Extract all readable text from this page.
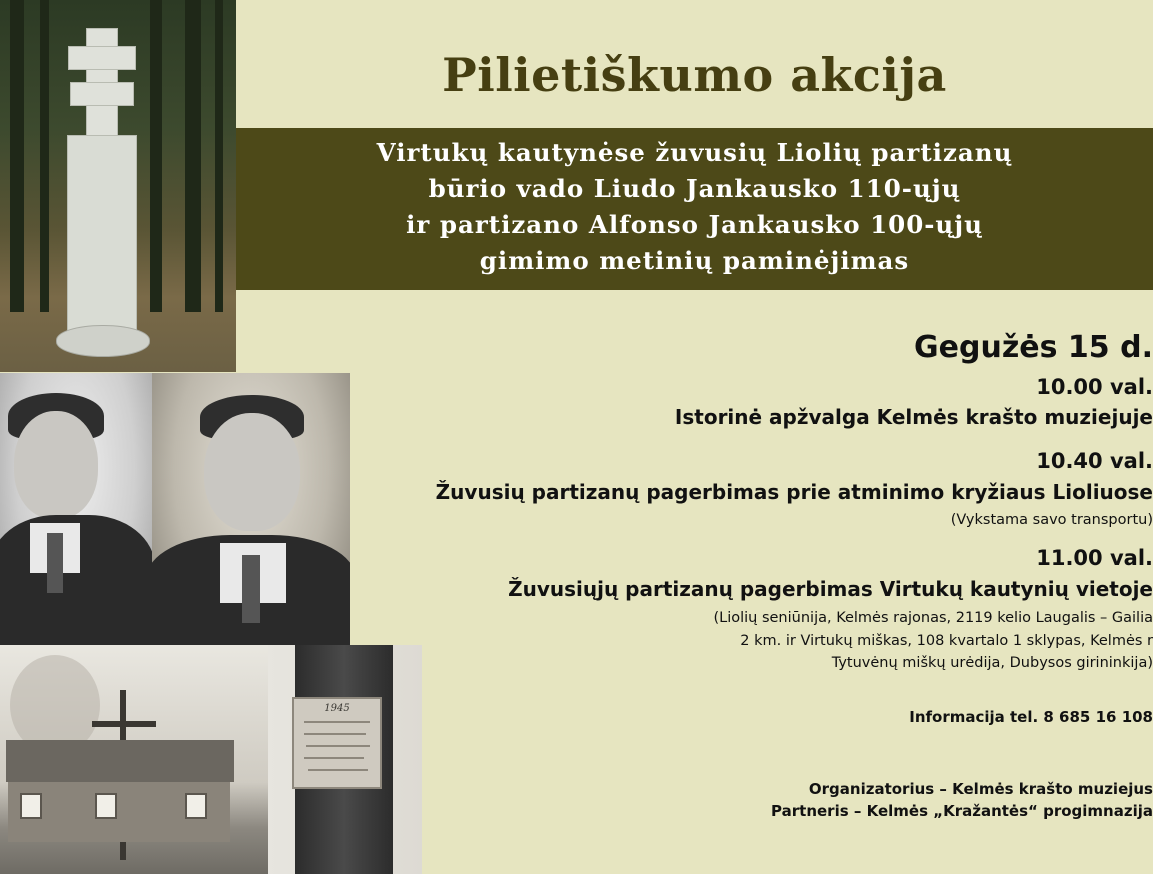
1945
Pilietiškumo akcija
Virtukų kautynėse žuvusių Liolių partizanų
būrio vado Liudo Jankausko 110-ųjų
ir partizano Alfonso Jankausko 100-ųjų
gimimo metinių paminėjimas
Gegužės 15 d.
10.00 val.
Istorinė apžvalga Kelmės krašto muziejuje
10.40 val.
Žuvusių partizanų pagerbimas prie atminimo kryžiaus Lioliuose
(Vykstama savo transportu)
11.00 val.
Žuvusiųjų partizanų pagerbimas Virtukų kautynių vietoje
(Liolių seniūnija, Kelmės rajonas, 2119 kelio Laugalis – Gailia
2 km. ir Virtukų miškas, 108 kvartalo 1 sklypas, Kelmės r
Tytuvėnų miškų urėdija, Dubysos girininkija)
Informacija tel. 8 685 16 108
Organizatorius – Kelmės krašto muziejus
Partneris – Kelmės „Kražantės“ progimnazija
